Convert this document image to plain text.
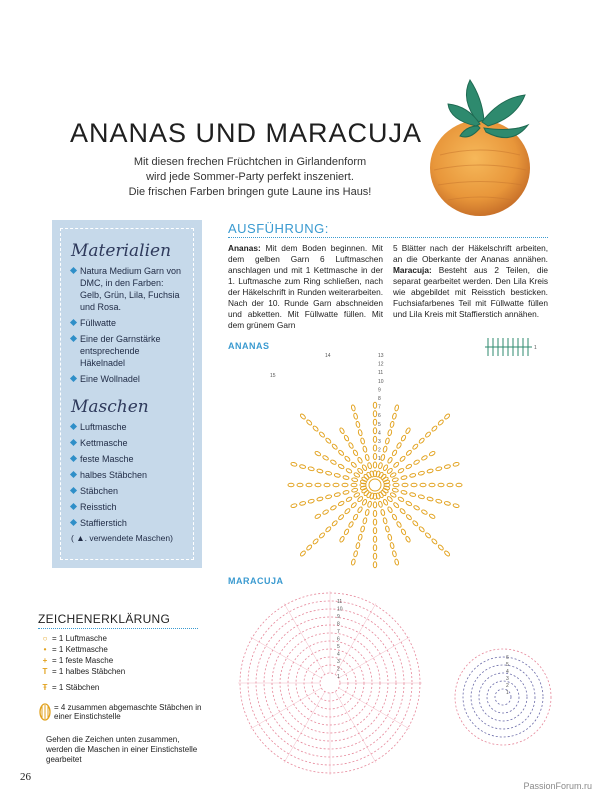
ANANAS UND MARACUJA
Mit diesen frechen Früchtchen in Girlandenform
wird jede Sommer-Party perfekt inszeniert.
Die frischen Farben bringen gute Laune ins Haus!
Materialien
Natura Medium Garn von DMC, in den Farben: Gelb, Grün, Lila, Fuchsia und Rosa.
Füllwatte
Eine der Garnstärke entsprechende Häkelnadel
Eine Wollnadel
Maschen
Luftmasche
Kettmasche
feste Masche
halbes Stäbchen
Stäbchen
Reisstich
Staffierstich
( ▲. verwendete Maschen)
AUSFÜHRUNG:
Ananas: Mit dem Boden beginnen. Mit dem gelben Garn 6 Luftmaschen anschlagen und mit 1 Kettmasche in der 1. Luftmasche zum Ring schließen, nach der Häkelschrift in Runden weiterarbeiten. Nach der 10. Runde Garn abschneiden und abketten. Mit Füllwatte füllen. Mit dem grünem Garn
5 Blätter nach der Häkelschrift arbeiten, an die Oberkante der Ananas annähen. Maracuja: Besteht aus 2 Teilen, die separat gearbeitet werden. Den Lila Kreis wie abgebildet mit Reisstich besticken. Fuchsiafarbenes Teil mit Füllwatte füllen und Lila Kreis mit Staffierstich annähen.
ANANAS
MARACUJA
13
12
11
10
9
8
7
6
5
4
3
2
1
14
15
1
11
10
9
8
7
6
5
4
3
2
1
6
5
4
3
2
1
ZEICHENERKLÄRUNG
○ = 1 Luftmasche
• = 1 Kettmasche
+ = 1 feste Masche
T = 1 halbes Stäbchen
Ŧ = 1 Stäbchen
= 4 zusammen abgemaschte Stäbchen in einer Einstichstelle
Gehen die Zeichen unten zusammen, werden die Maschen in einer Einstichstelle gearbeitet
26
PassionForum.ru
